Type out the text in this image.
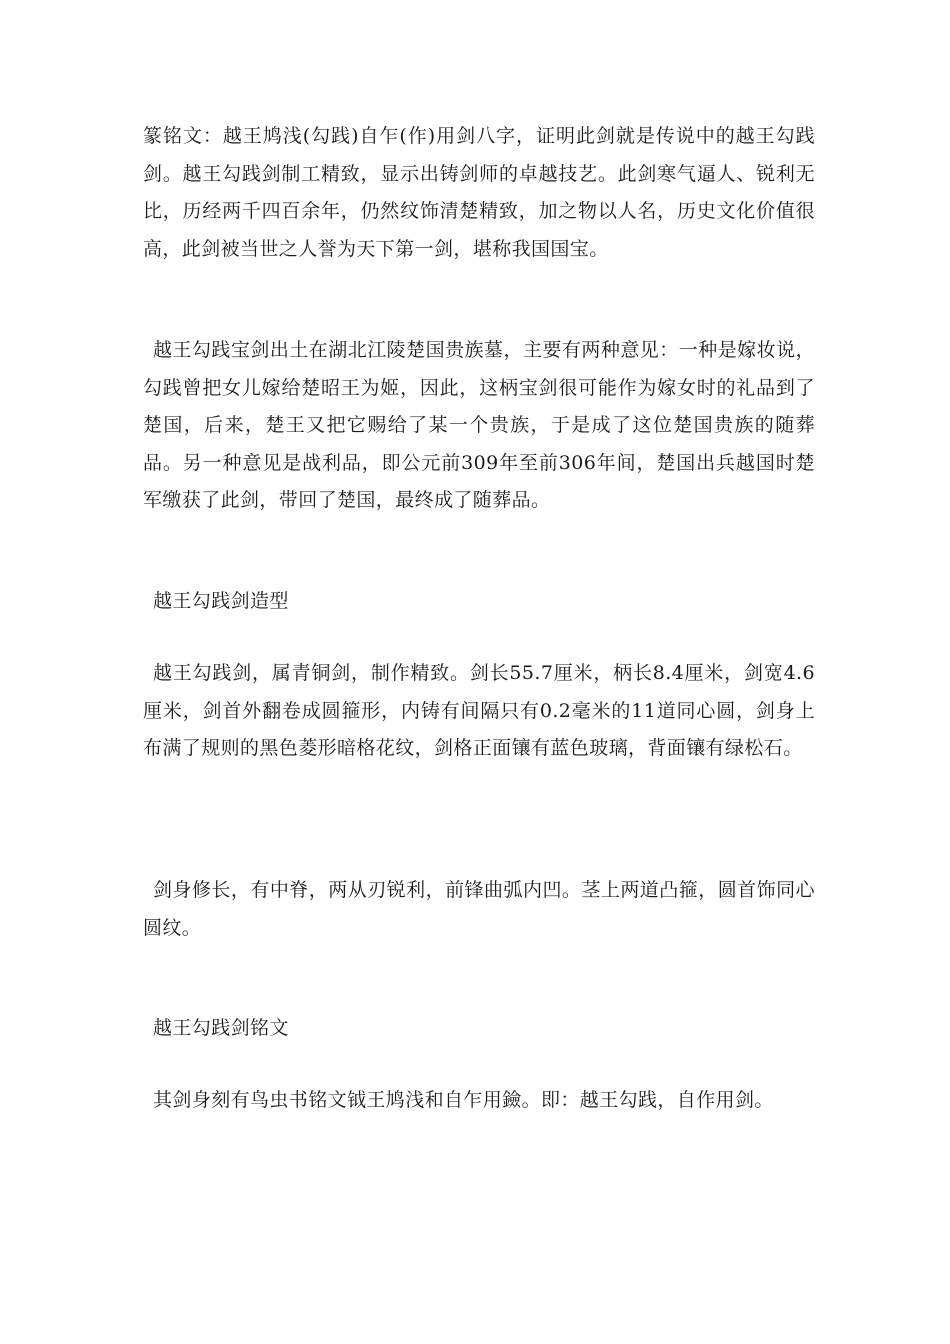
篆铭文：越王鸠浅(勾践)自乍(作)用剑八字，证明此剑就是传说中的越王勾践剑。越王勾践剑制工精致，显示出铸剑师的卓越技艺。此剑寒气逼人、锐利无比，历经两千四百余年，仍然纹饰清楚精致，加之物以人名，历史文化价值很高，此剑被当世之人誉为天下第一剑，堪称我国国宝。

越王勾践宝剑出土在湖北江陵楚国贵族墓，主要有两种意见：一种是嫁妆说，勾践曾把女儿嫁给楚昭王为姬，因此，这柄宝剑很可能作为嫁女时的礼品到了楚国，后来，楚王又把它赐给了某一个贵族，于是成了这位楚国贵族的随葬品。另一种意见是战利品，即公元前309年至前306年间，楚国出兵越国时楚军缴获了此剑，带回了楚国，最终成了随葬品。

越王勾践剑造型

越王勾践剑，属青铜剑，制作精致。剑长55.7厘米，柄长8.4厘米，剑宽4.6厘米，剑首外翻卷成圆箍形，内铸有间隔只有0.2毫米的11道同心圆，剑身上布满了规则的黑色菱形暗格花纹，剑格正面镶有蓝色玻璃，背面镶有绿松石。

剑身修长，有中脊，两从刃锐利，前锋曲弧内凹。茎上两道凸箍，圆首饰同心圆纹。

越王勾践剑铭文

其剑身刻有鸟虫书铭文钺王鸠浅和自乍用鐱。即：越王勾践，自作用剑。
